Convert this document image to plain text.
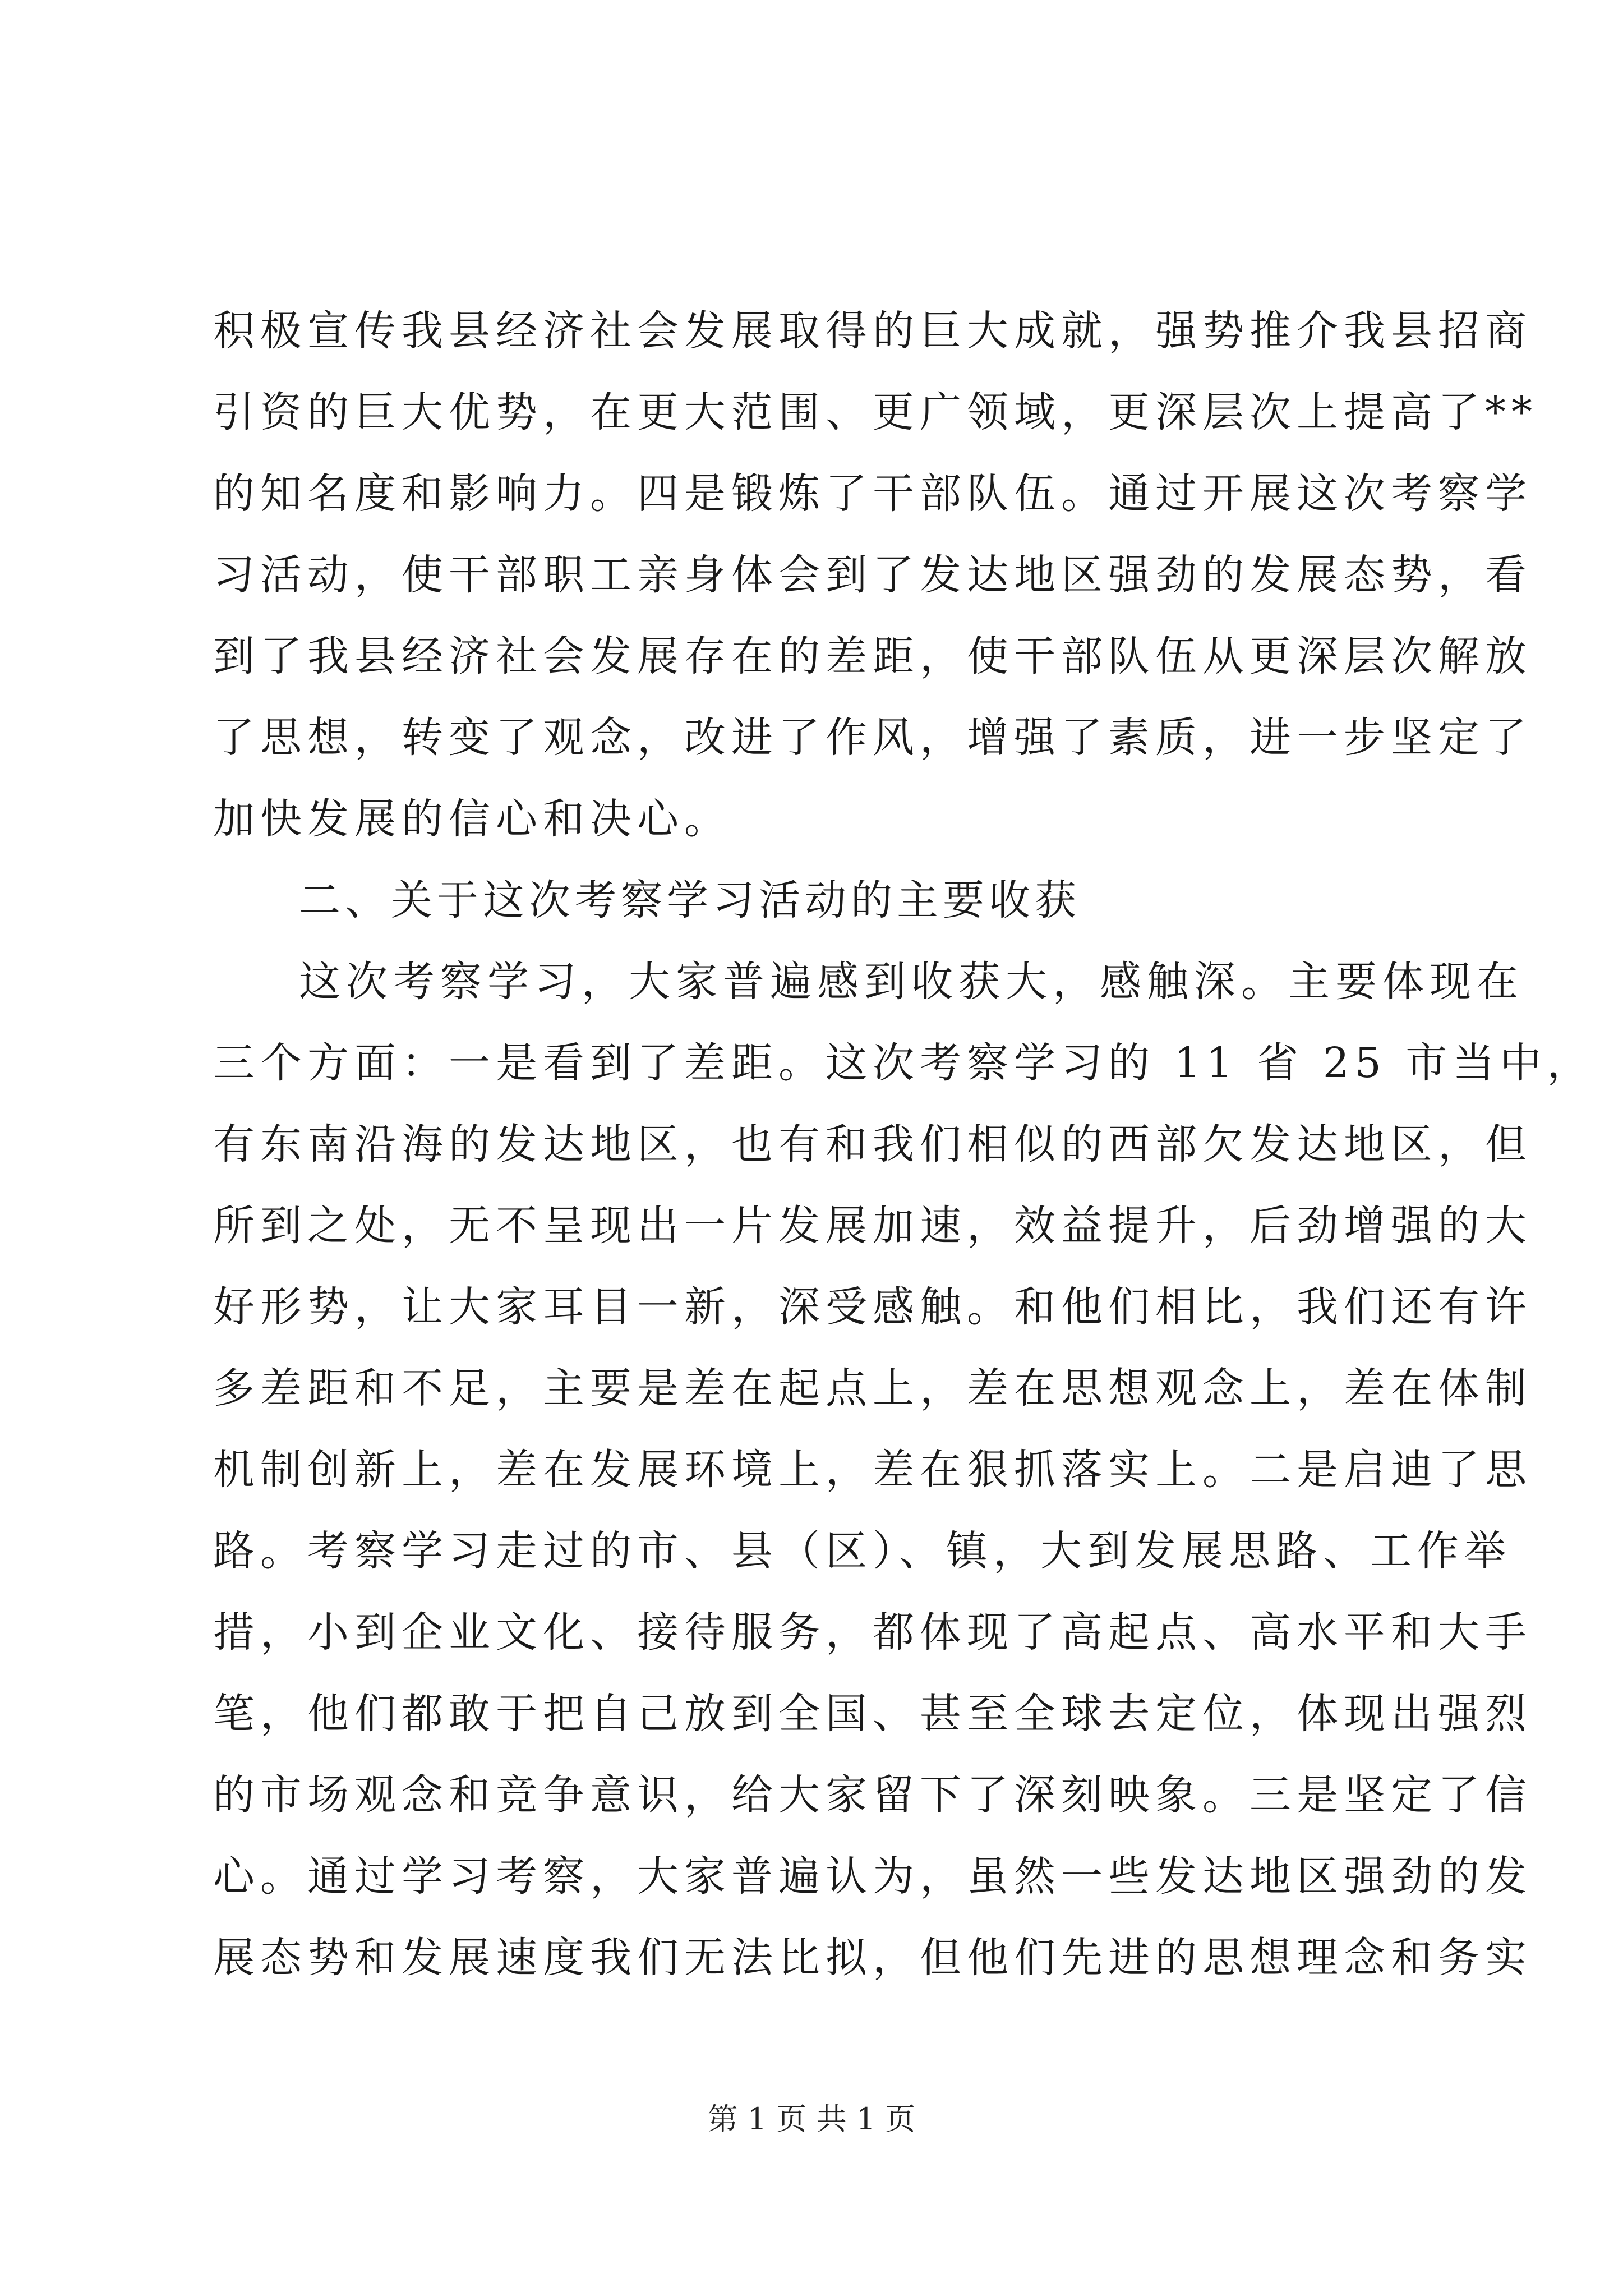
积极宣传我县经济社会发展取得的巨大成就，强势推介我县招商
引资的巨大优势，在更大范围、更广领域，更深层次上提高了**
的知名度和影响力。四是锻炼了干部队伍。通过开展这次考察学
习活动，使干部职工亲身体会到了发达地区强劲的发展态势，看
到了我县经济社会发展存在的差距，使干部队伍从更深层次解放
了思想，转变了观念，改进了作风，增强了素质，进一步坚定了
加快发展的信心和决心。
二、关于这次考察学习活动的主要收获
这次考察学习，大家普遍感到收获大，感触深。主要体现在
三个方面：一是看到了差距。这次考察学习的 11 省 25 市当中，
有东南沿海的发达地区，也有和我们相似的西部欠发达地区，但
所到之处，无不呈现出一片发展加速，效益提升，后劲增强的大
好形势，让大家耳目一新，深受感触。和他们相比，我们还有许
多差距和不足，主要是差在起点上，差在思想观念上，差在体制
机制创新上，差在发展环境上，差在狠抓落实上。二是启迪了思
路。考察学习走过的市、县（区）、镇，大到发展思路、工作举
措，小到企业文化、接待服务，都体现了高起点、高水平和大手
笔，他们都敢于把自己放到全国、甚至全球去定位，体现出强烈
的市场观念和竞争意识，给大家留下了深刻映象。三是坚定了信
心。通过学习考察，大家普遍认为，虽然一些发达地区强劲的发
展态势和发展速度我们无法比拟，但他们先进的思想理念和务实
第 1 页 共 1 页
